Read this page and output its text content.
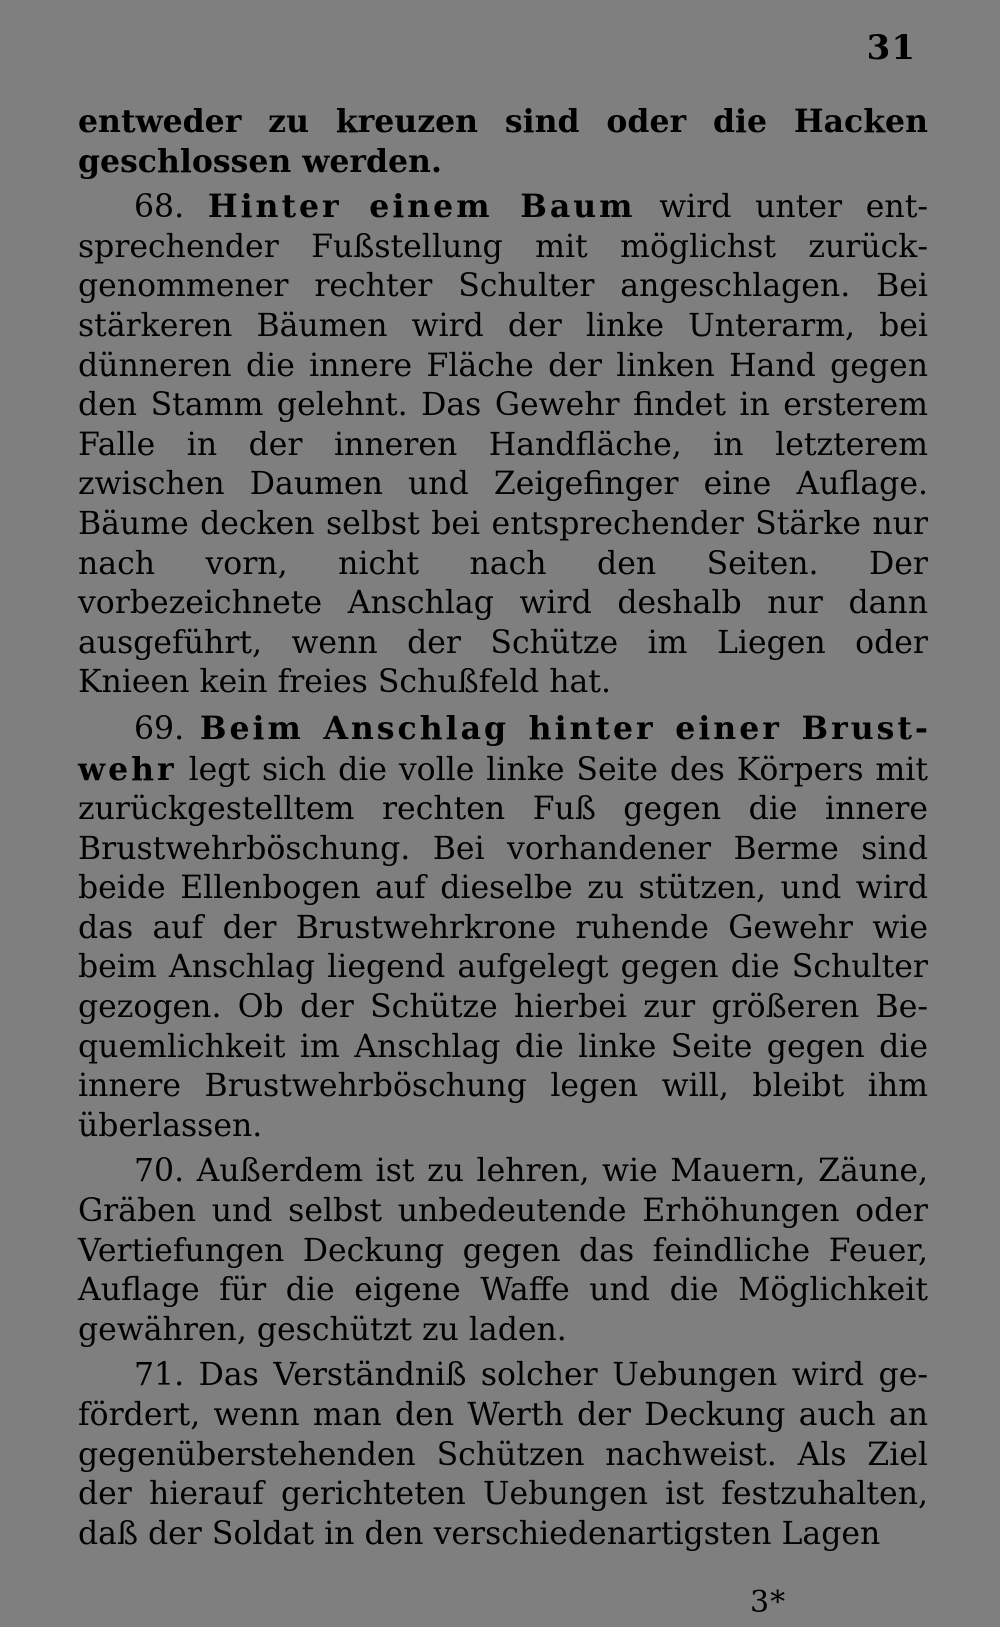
31

entweder zu kreuzen sind oder die Hacken geschlossen werden.

68. Hinter einem Baum wird unter entsprechender Fußstellung mit möglichst zurückgenommener rechter Schulter angeschlagen. Bei stärkeren Bäumen wird der linke Unterarm, bei dünneren die innere Fläche der linken Hand gegen den Stamm gelehnt. Das Gewehr findet in ersterem Falle in der inneren Handfläche, in letzterem zwischen Daumen und Zeigefinger eine Auflage. Bäume decken selbst bei entsprechender Stärke nur nach vorn, nicht nach den Seiten. Der vorbezeichnete Anschlag wird deshalb nur dann ausgeführt, wenn der Schütze im Liegen oder Knieen kein freies Schußfeld hat.

69. Beim Anschlag hinter einer Brustwehr legt sich die volle linke Seite des Körpers mit zurückgestelltem rechten Fuß gegen die innere Brustwehrböschung. Bei vorhandener Berme sind beide Ellenbogen auf dieselbe zu stützen, und wird das auf der Brustwehrkrone ruhende Gewehr wie beim Anschlag liegend aufgelegt gegen die Schulter gezogen. Ob der Schütze hierbei zur größeren Bequemlichkeit im Anschlag die linke Seite gegen die innere Brustwehrböschung legen will, bleibt ihm überlassen.

70. Außerdem ist zu lehren, wie Mauern, Zäune, Gräben und selbst unbedeutende Erhöhungen oder Vertiefungen Deckung gegen das feindliche Feuer, Auflage für die eigene Waffe und die Möglichkeit gewähren, geschützt zu laden.

71. Das Verständniß solcher Uebungen wird gefördert, wenn man den Werth der Deckung auch an gegenüberstehenden Schützen nachweist. Als Ziel der hierauf gerichteten Uebungen ist festzuhalten, daß der Soldat in den verschiedenartigsten Lagen

3*
